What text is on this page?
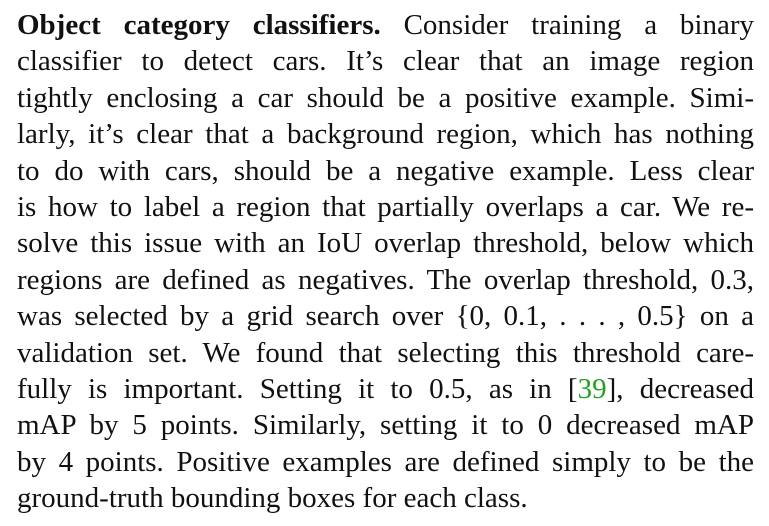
Object category classifiers. Consider training a binary
classifier to detect cars. It’s clear that an image region
tightly enclosing a car should be a positive example. Simi-
larly, it’s clear that a background region, which has nothing
to do with cars, should be a negative example. Less clear
is how to label a region that partially overlaps a car. We re-
solve this issue with an IoU overlap threshold, below which
regions are defined as negatives. The overlap threshold, 0.3,
was selected by a grid search over {0, 0.1, . . . , 0.5} on a
validation set. We found that selecting this threshold care-
fully is important. Setting it to 0.5, as in [39], decreased
mAP by 5 points. Similarly, setting it to 0 decreased mAP
by 4 points. Positive examples are defined simply to be the
ground-truth bounding boxes for each class.
